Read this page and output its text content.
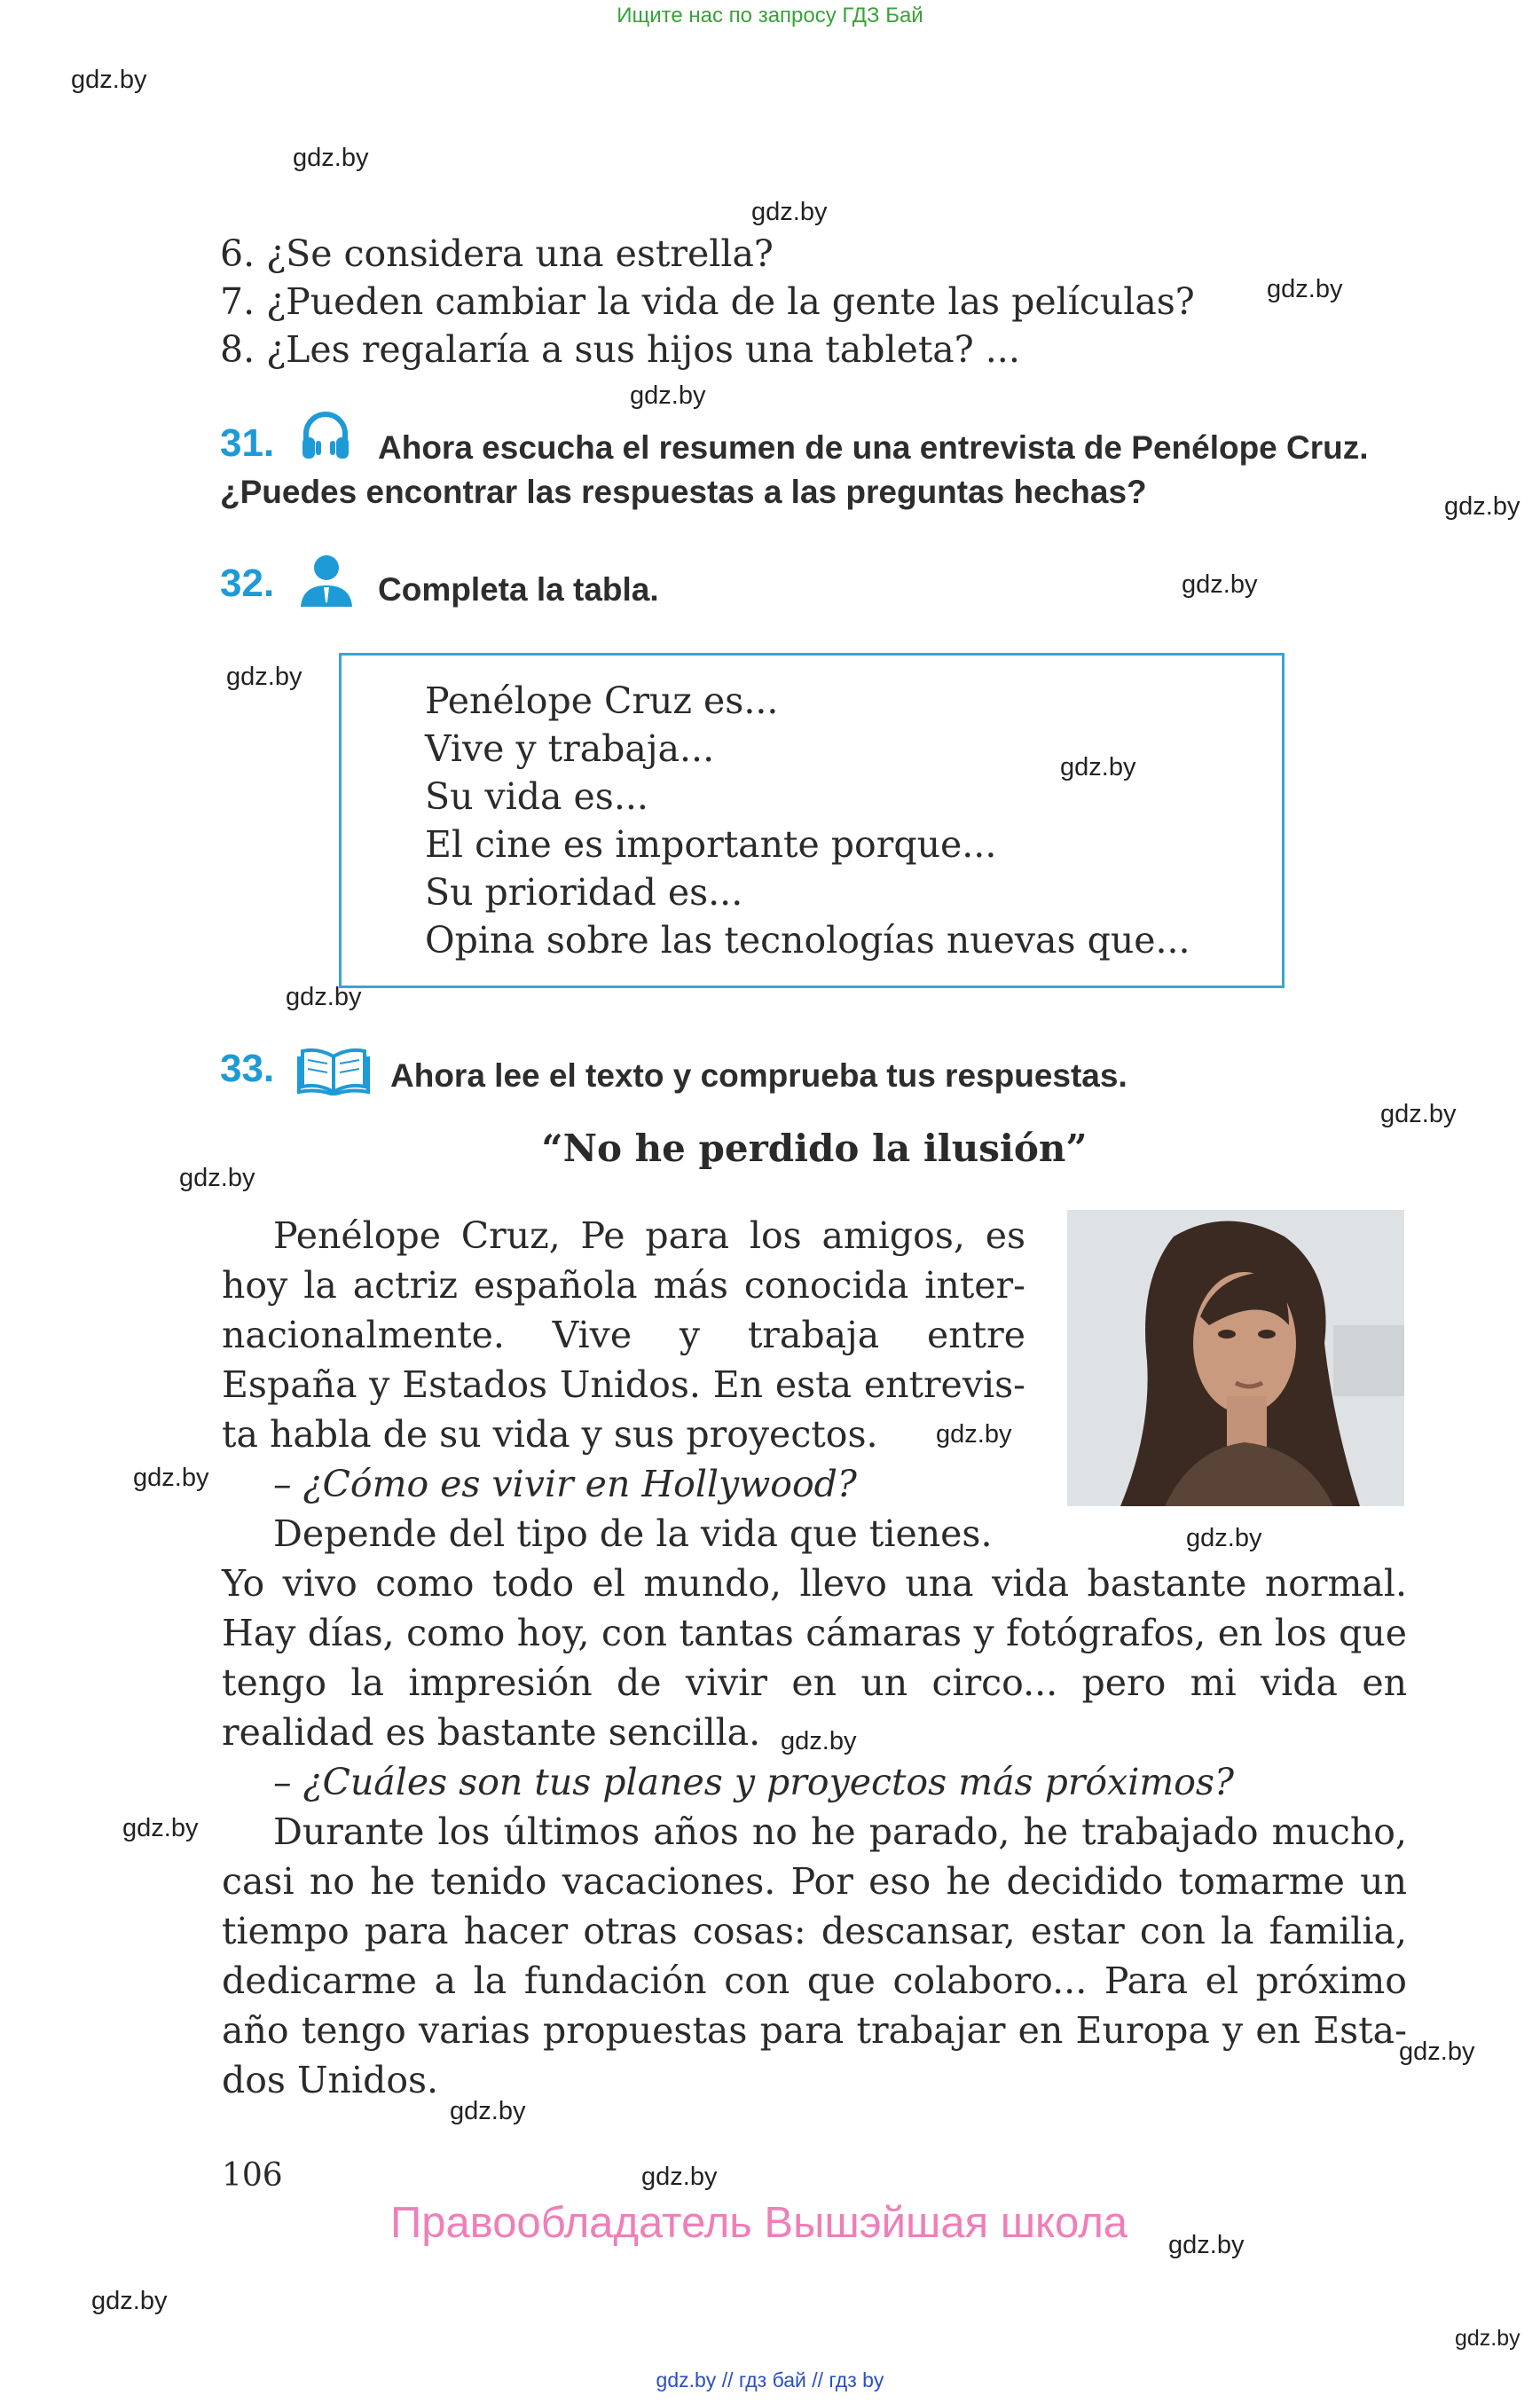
Ищите нас по запросу ГДЗ Бай
gdz.by
gdz.by
gdz.by
gdz.by
gdz.by
gdz.by
gdz.by
gdz.by
gdz.by
gdz.by
gdz.by
gdz.by
gdz.by
gdz.by
gdz.by
gdz.by
gdz.by
gdz.by
gdz.by
gdz.by
gdz.by
gdz.by
gdz.by
6. ¿Se considera una estrella?
7. ¿Pueden cambiar la vida de la gente las películas?
8. ¿Les regalaría a sus hijos una tableta? ...
31.	Ahora escucha el resumen de una entrevista de Penélope Cruz. ¿Puedes encontrar las respuestas a las preguntas hechas?
32.	Completa la tabla.
Penélope Cruz es...
Vive y trabaja...
Su vida es...
El cine es importante porque...
Su prioridad es...
Opina sobre las tecnologías nuevas que...
33.	Ahora lee el texto y comprueba tus respuestas.
“No he perdido la ilusión”

Penélope Cruz, Pe para los amigos, es hoy la actriz española más conocida internacionalmente. Vive y trabaja entre España y Estados Unidos. En esta entrevista habla de su vida y sus proyectos.

– ¿Cómo es vivir en Hollywood?

Depende del tipo de la vida que tienes.

Yo vivo como todo el mundo, llevo una vida bastante normal. Hay días, como hoy, con tantas cámaras y fotógrafos, en los que tengo la impresión de vivir en un circo... pero mi vida en realidad es bastante sencilla.

– ¿Cuáles son tus planes y proyectos más próximos?

Durante los últimos años no he parado, he trabajado mucho, casi no he tenido vacaciones. Por eso he decidido tomarme un tiempo para hacer otras cosas: descansar, estar con la familia, dedicarme a la fundación con que colaboro... Para el próximo año tengo varias propuestas para trabajar en Europa y en Estados Unidos.

106
Правообладатель Вышэйшая школа
gdz.by // гдз бай // гдз by
